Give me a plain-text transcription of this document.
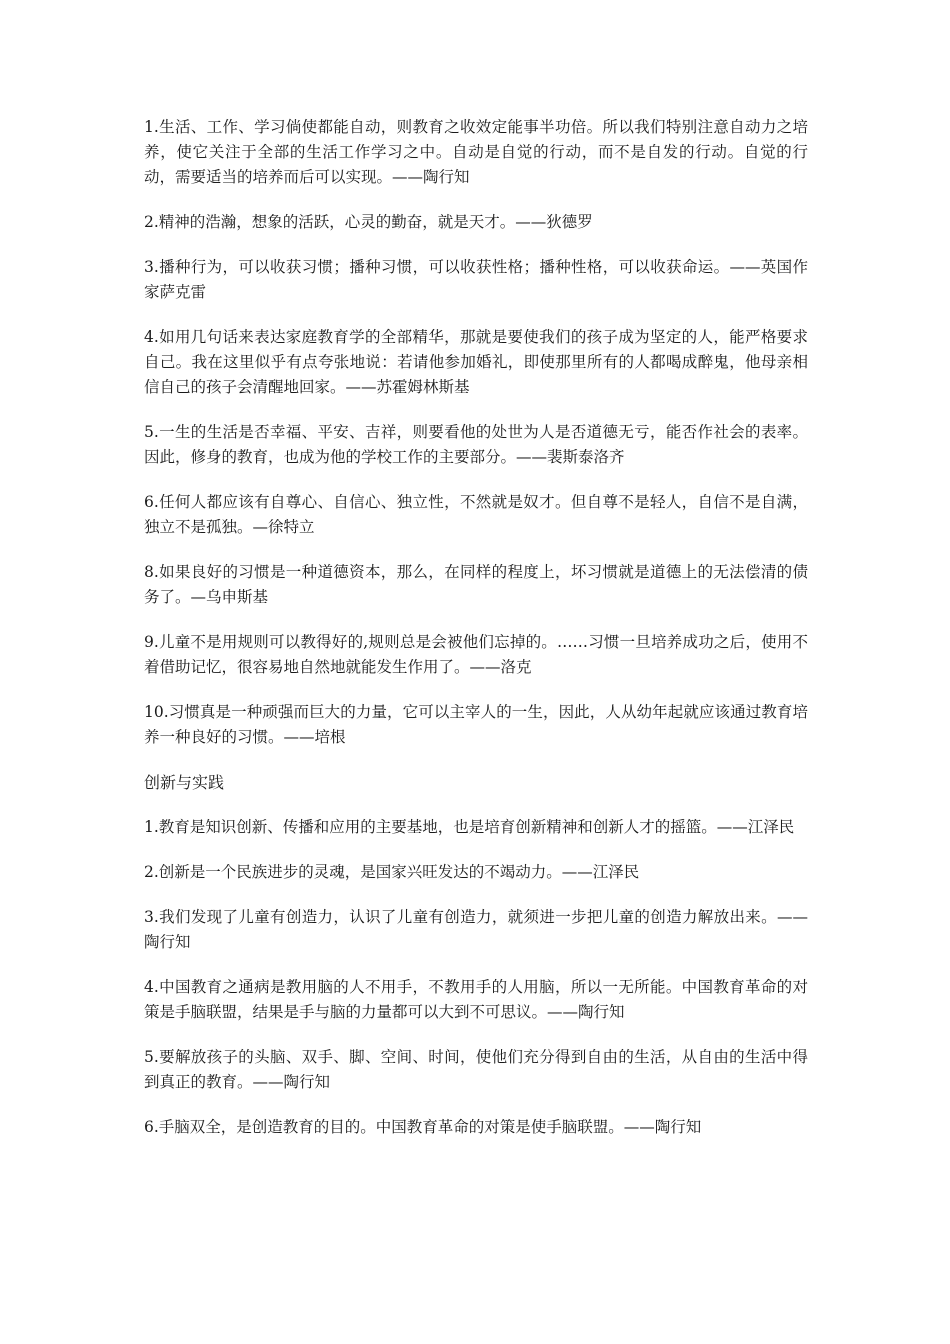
1.生活、工作、学习倘使都能自动，则教育之收效定能事半功倍。所以我们特别注意自动力之培养，使它关注于全部的生活工作学习之中。自动是自觉的行动，而不是自发的行动。自觉的行动，需要适当的培养而后可以实现。——陶行知

2.精神的浩瀚，想象的活跃，心灵的勤奋，就是天才。——狄德罗

3.播种行为，可以收获习惯；播种习惯，可以收获性格；播种性格，可以收获命运。——英国作家萨克雷

4.如用几句话来表达家庭教育学的全部精华，那就是要使我们的孩子成为坚定的人，能严格要求自己。我在这里似乎有点夸张地说：若请他参加婚礼，即使那里所有的人都喝成醉鬼，他母亲相信自己的孩子会清醒地回家。——苏霍姆林斯基

5.一生的生活是否幸福、平安、吉祥，则要看他的处世为人是否道德无亏，能否作社会的表率。因此，修身的教育，也成为他的学校工作的主要部分。——裴斯泰洛齐

6.任何人都应该有自尊心、自信心、独立性，不然就是奴才。但自尊不是轻人，自信不是自满，独立不是孤独。—徐特立

8.如果良好的习惯是一种道德资本，那么，在同样的程度上，坏习惯就是道德上的无法偿清的债务了。—乌申斯基

9.儿童不是用规则可以教得好的,规则总是会被他们忘掉的。……习惯一旦培养成功之后，使用不着借助记忆，很容易地自然地就能发生作用了。——洛克

10.习惯真是一种顽强而巨大的力量，它可以主宰人的一生，因此，人从幼年起就应该通过教育培养一种良好的习惯。——培根

创新与实践

1.教育是知识创新、传播和应用的主要基地，也是培育创新精神和创新人才的摇篮。——江泽民

2.创新是一个民族进步的灵魂，是国家兴旺发达的不竭动力。——江泽民

3.我们发现了儿童有创造力，认识了儿童有创造力，就须进一步把儿童的创造力解放出来。——陶行知

4.中国教育之通病是教用脑的人不用手，不教用手的人用脑，所以一无所能。中国教育革命的对策是手脑联盟，结果是手与脑的力量都可以大到不可思议。——陶行知

5.要解放孩子的头脑、双手、脚、空间、时间，使他们充分得到自由的生活，从自由的生活中得到真正的教育。——陶行知

6.手脑双全，是创造教育的目的。中国教育革命的对策是使手脑联盟。——陶行知
